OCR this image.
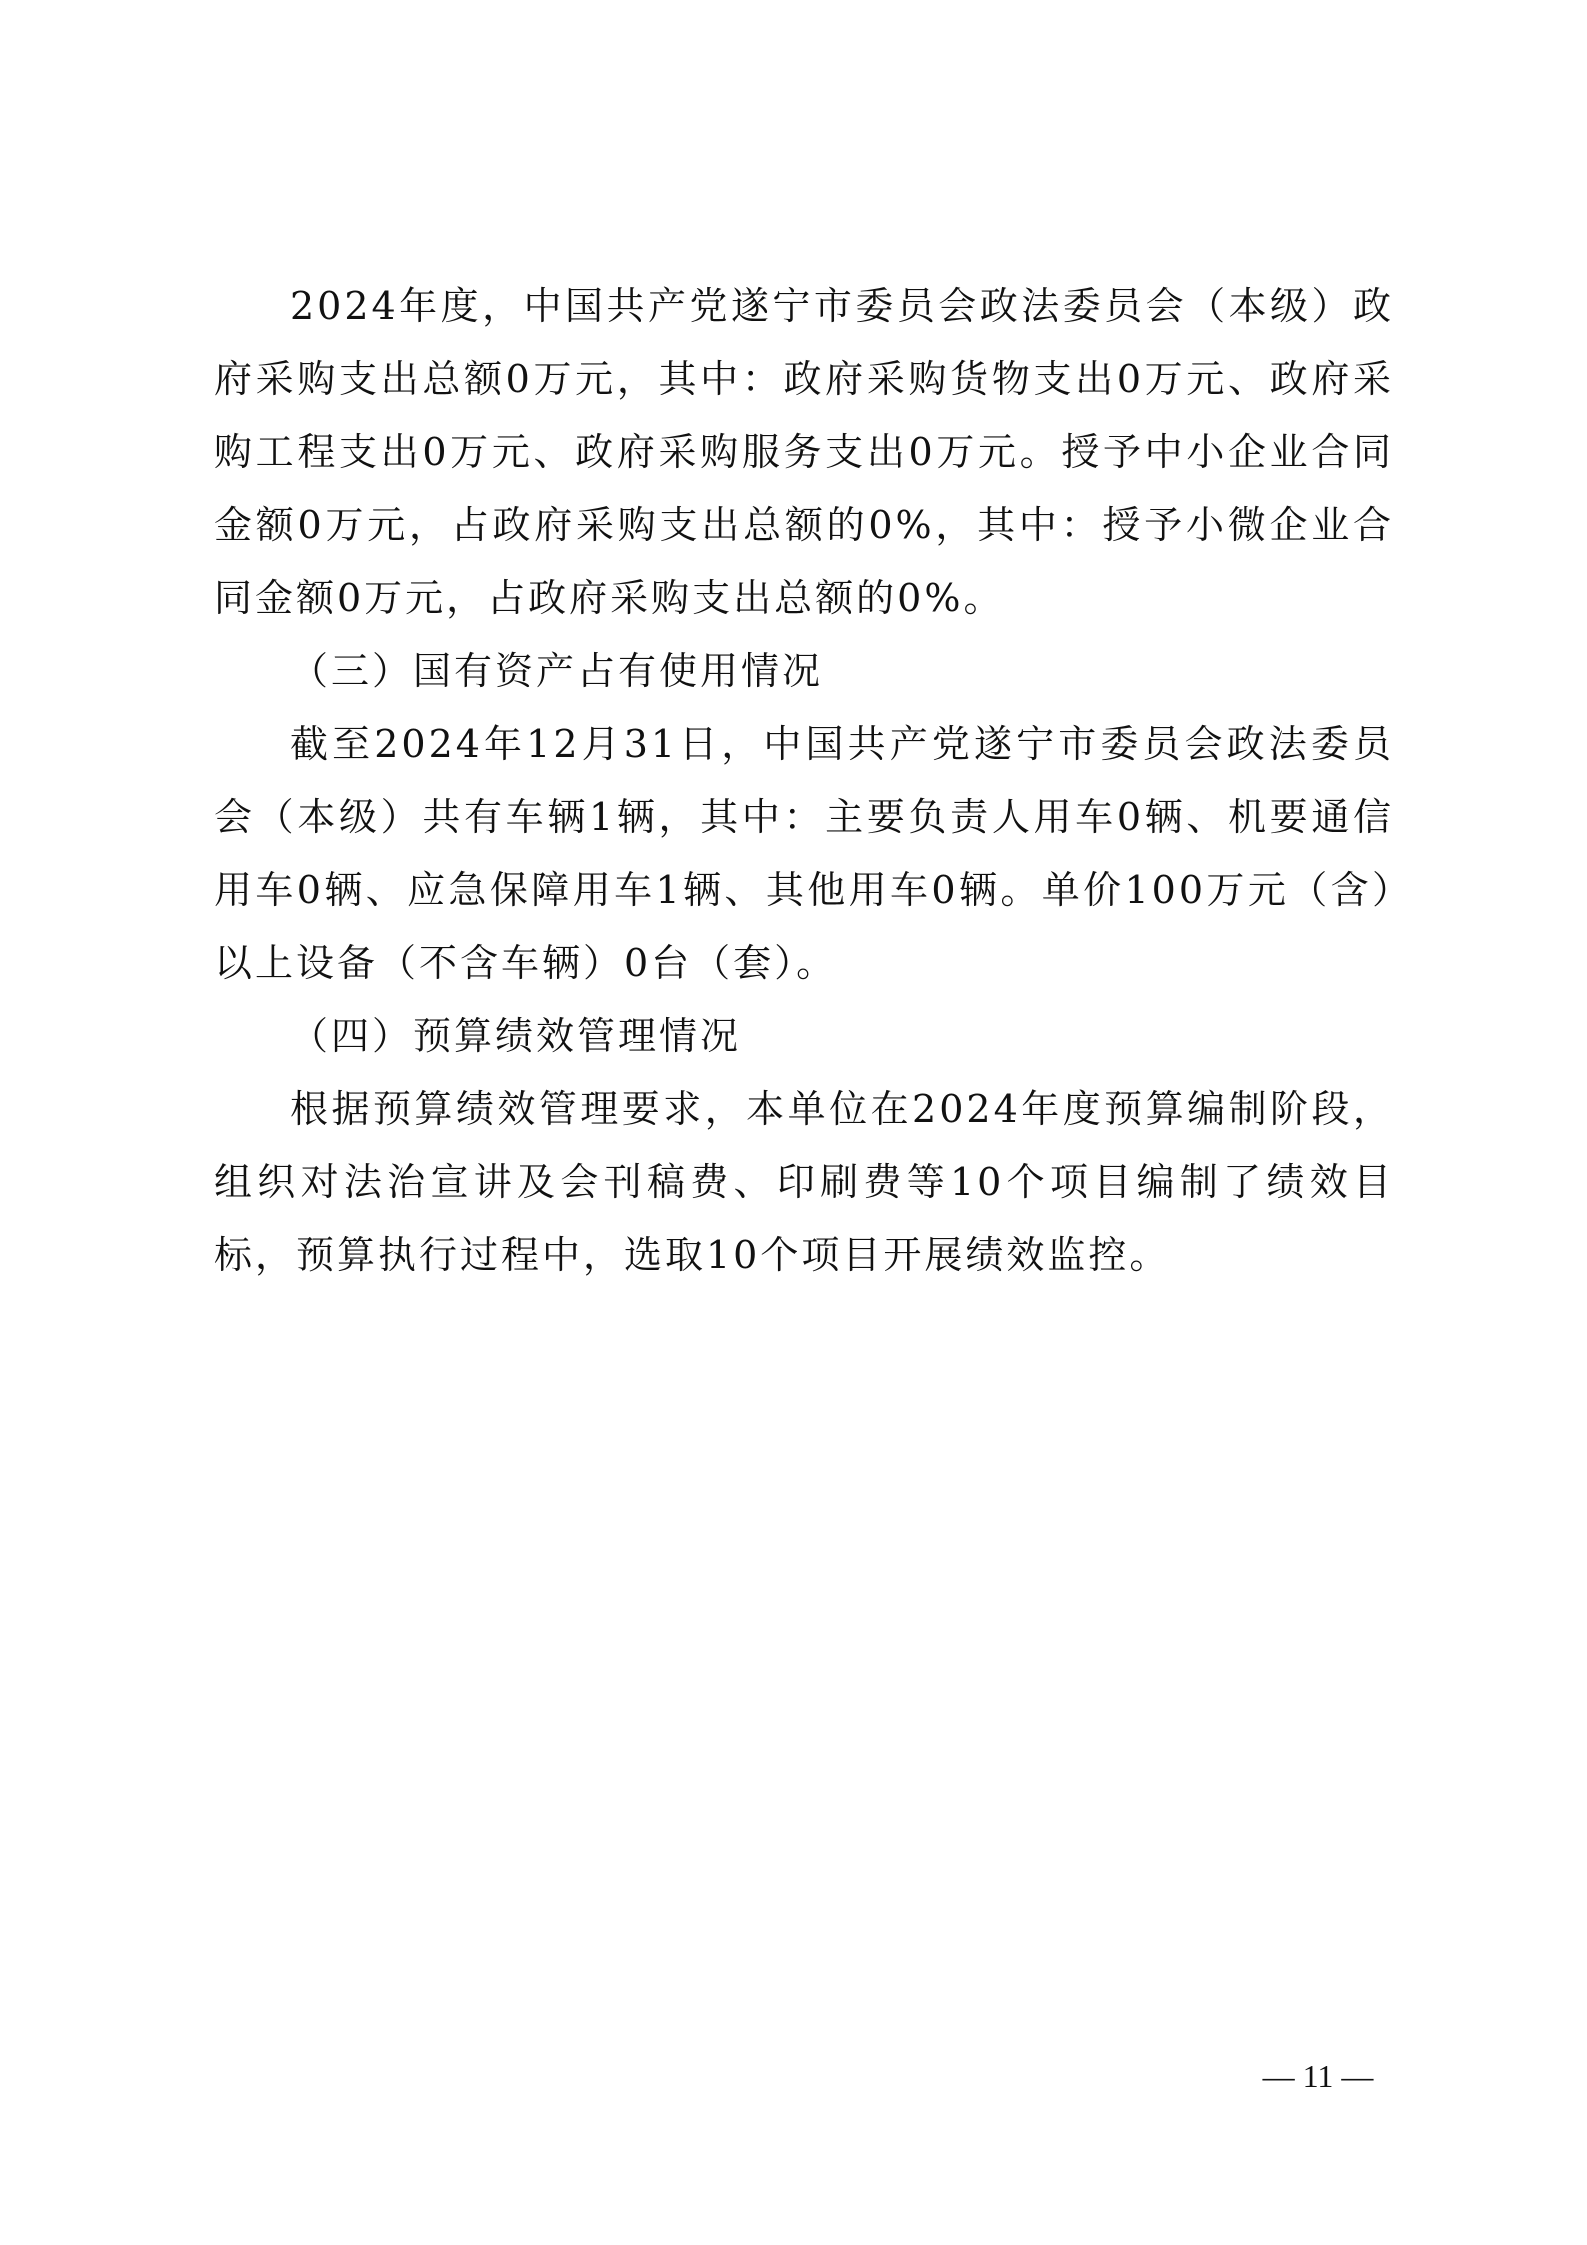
2024年度，中国共产党遂宁市委员会政法委员会（本级）政府采购支出总额0万元，其中：政府采购货物支出0万元、政府采购工程支出0万元、政府采购服务支出0万元。授予中小企业合同金额0万元，占政府采购支出总额的0%，其中：授予小微企业合同金额0万元，占政府采购支出总额的0%。

（三）国有资产占有使用情况

截至2024年12月31日，中国共产党遂宁市委员会政法委员会（本级）共有车辆1辆，其中：主要负责人用车0辆、机要通信用车0辆、应急保障用车1辆、其他用车0辆。单价100万元（含）以上设备（不含车辆）0台（套）。

（四）预算绩效管理情况

根据预算绩效管理要求，本单位在2024年度预算编制阶段，组织对法治宣讲及会刊稿费、印刷费等10个项目编制了绩效目标，预算执行过程中，选取10个项目开展绩效监控。

— 11 —
